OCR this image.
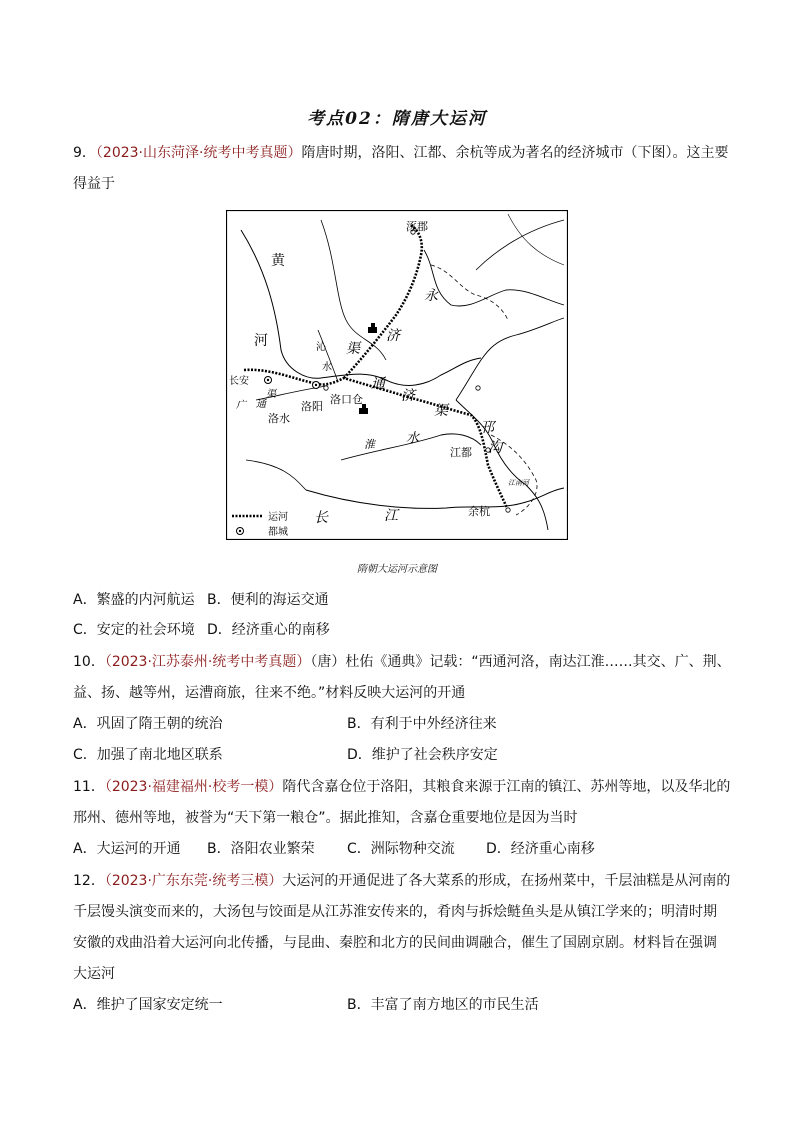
考点02：隋唐大运河
9．（2023·山东菏泽·统考中考真题）隋唐时期，洛阳、江都、余杭等成为著名的经济城市（下图）。这主要
得益于
涿郡
黄
河
永
济
渠
沁
水
长安
广 通
渠
洛水
洛阳
洛口仓
通
济
渠
淮 水
邗
沟
江都
江南河
余杭
长	江
运河
都城
隋朝大运河示意图
A．繁盛的内河航运 B．便利的海运交通
C．安定的社会环境 D．经济重心的南移
10．（2023·江苏泰州·统考中考真题）（唐）杜佑《通典》记载：“西通河洛，南达江淮……其交、广、荆、
益、扬、越等州，运漕商旅，往来不绝。”材料反映大运河的开通
A．巩固了隋王朝的统治	B．有利于中外经济往来
C．加强了南北地区联系	D．维护了社会秩序安定
11．（2023·福建福州·校考一模）隋代含嘉仓位于洛阳，其粮食来源于江南的镇江、苏州等地，以及华北的
邢州、德州等地，被誉为“天下第一粮仓”。据此推知，含嘉仓重要地位是因为当时
A．大运河的开通 B．洛阳农业繁荣 C．洲际物种交流 D．经济重心南移
12．（2023·广东东莞·统考三模）大运河的开通促进了各大菜系的形成，在扬州菜中，千层油糕是从河南的
千层馒头演变而来的，大汤包与饺面是从江苏淮安传来的，肴肉与拆烩鲢鱼头是从镇江学来的；明清时期
安徽的戏曲沿着大运河向北传播，与昆曲、秦腔和北方的民间曲调融合，催生了国剧京剧。材料旨在强调
大运河
A．维护了国家安定统一	B．丰富了南方地区的市民生活
